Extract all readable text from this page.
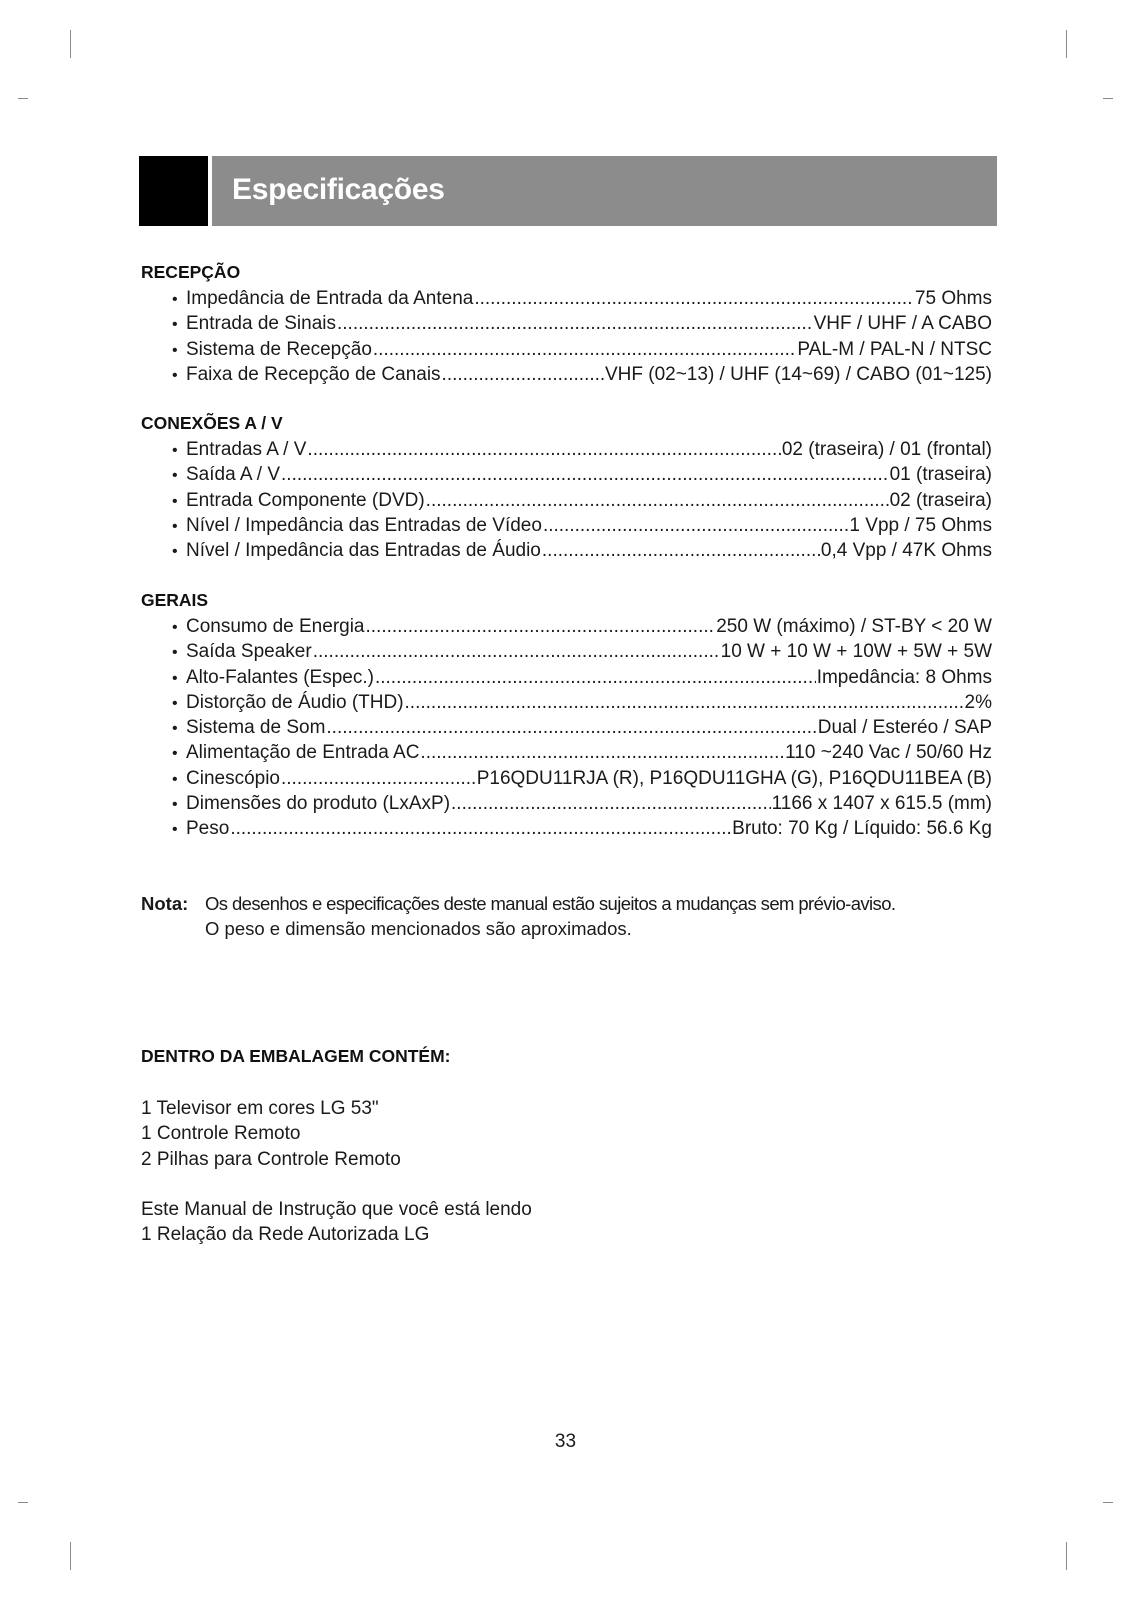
Especificações
RECEPÇÃO
• Impedância de Entrada da Antena .....	75 Ohms
• Entrada de Sinais .....	VHF / UHF / A CABO
• Sistema de Recepção .....	PAL-M / PAL-N / NTSC
• Faixa de Recepção de Canais .....	VHF (02~13) / UHF (14~69) / CABO (01~125)
CONEXÕES A / V
• Entradas A / V .....	02 (traseira) / 01 (frontal)
• Saída A / V .....	01 (traseira)
• Entrada Componente (DVD) .....	02 (traseira)
• Nível / Impedância das Entradas de Vídeo .....	1 Vpp / 75 Ohms
• Nível / Impedância das Entradas de Áudio .....	0,4 Vpp / 47K Ohms
GERAIS
• Consumo de Energia .....	250 W (máximo) / ST-BY < 20 W
• Saída Speaker .....	10 W + 10 W + 10W + 5W + 5W
• Alto-Falantes (Espec.) .....	Impedância: 8 Ohms
• Distorção de Áudio (THD) .....	2%
• Sistema de Som .....	Dual / Esteréo / SAP
• Alimentação de Entrada AC .....	110 ~240 Vac / 50/60 Hz
• Cinescópio .....	P16QDU11RJA (R), P16QDU11GHA (G), P16QDU11BEA (B)
• Dimensões do produto (LxAxP) .....	1166 x 1407 x 615.5 (mm)
• Peso .....	Bruto: 70 Kg / Líquido: 56.6 Kg
Nota: Os desenhos e especificações deste manual estão sujeitos a mudanças sem prévio-aviso.
O peso e dimensão mencionados são aproximados.
DENTRO DA EMBALAGEM CONTÉM:
1 Televisor em cores LG 53"
1 Controle Remoto
2 Pilhas para Controle Remoto
Este Manual de Instrução que você está lendo
1 Relação da Rede Autorizada LG
33
